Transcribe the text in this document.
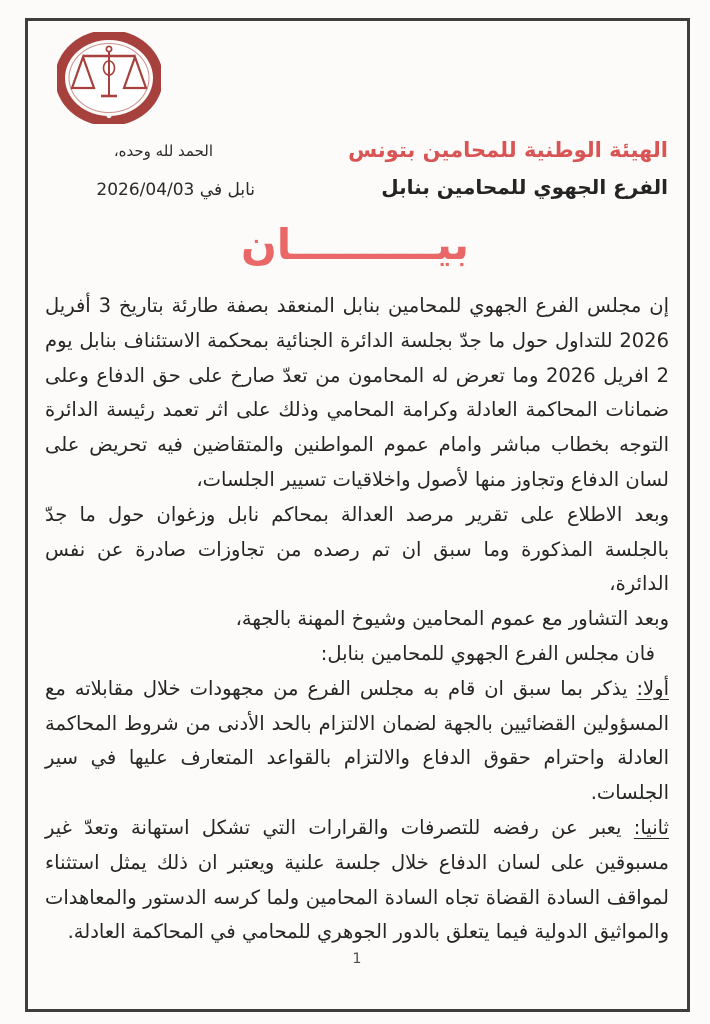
الهيئة الوطنية للمحامين بتونس
الفرع الجهوي للمحامين بنابل
الحمد لله وحده،
نابل في 2026/04/03
بيــــــــــان

إن مجلس الفرع الجهوي للمحامين بنابل المنعقد بصفة طارئة بتاريخ 3 أفريل 2026 للتداول حول ما جدّ بجلسة الدائرة الجنائية بمحكمة الاستئناف بنابل يوم 2 افريل 2026 وما تعرض له المحامون من تعدّ صارخ على حق الدفاع وعلى ضمانات المحاكمة العادلة وكرامة المحامي وذلك على اثر تعمد رئيسة الدائرة التوجه بخطاب مباشر وامام عموم المواطنين والمتقاضين فيه تحريض على لسان الدفاع وتجاوز منها لأصول واخلاقيات تسيير الجلسات،

وبعد الاطلاع على تقرير مرصد العدالة بمحاكم نابل وزغوان حول ما جدّ بالجلسة المذكورة وما سبق ان تم رصده من تجاوزات صادرة عن نفس الدائرة،

وبعد التشاور مع عموم المحامين وشيوخ المهنة بالجهة،

فان مجلس الفرع الجهوي للمحامين بنابل:

أولا: يذكر بما سبق ان قام به مجلس الفرع من مجهودات خلال مقابلاته مع المسؤولين القضائيين بالجهة لضمان الالتزام بالحد الأدنى من شروط المحاكمة العادلة واحترام حقوق الدفاع والالتزام بالقواعد المتعارف عليها في سير الجلسات.

ثانيا: يعبر عن رفضه للتصرفات والقرارات التي تشكل استهانة وتعدّ غير مسبوقين على لسان الدفاع خلال جلسة علنية ويعتبر ان ذلك يمثل استثناء لمواقف السادة القضاة تجاه السادة المحامين ولما كرسه الدستور والمعاهدات والمواثيق الدولية فيما يتعلق بالدور الجوهري للمحامي في المحاكمة العادلة.

1
